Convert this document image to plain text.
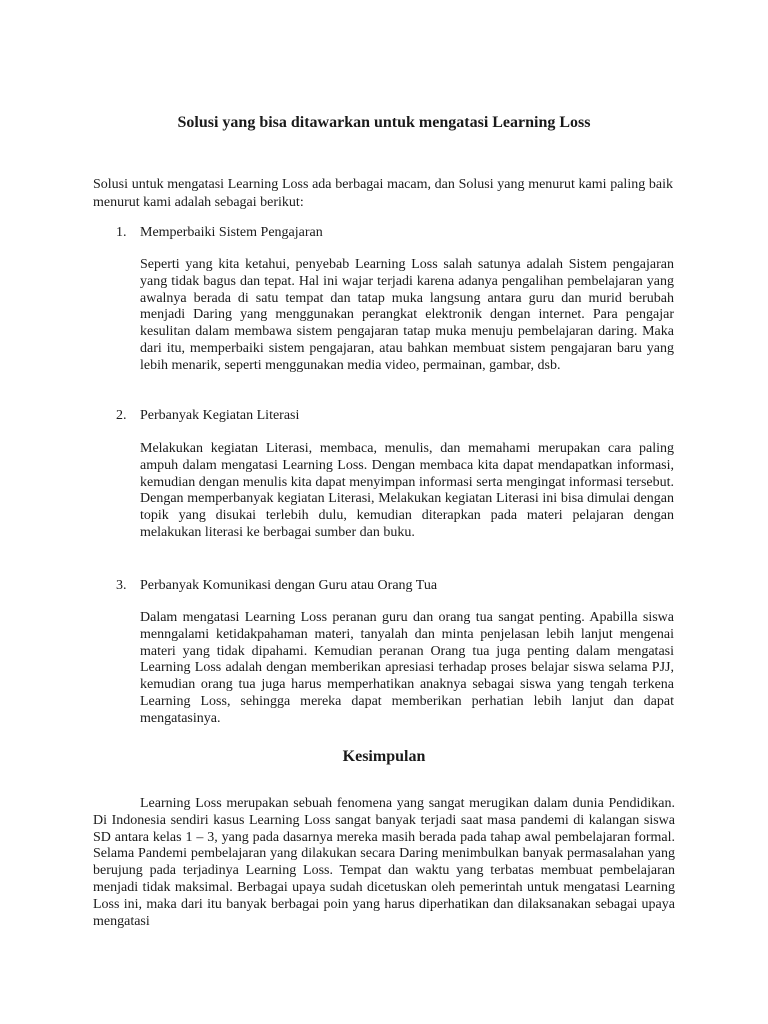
Solusi yang bisa ditawarkan untuk mengatasi Learning Loss

Solusi untuk mengatasi Learning Loss ada berbagai macam, dan Solusi yang menurut kami paling baik menurut kami adalah sebagai berikut:

1. Memperbaiki Sistem Pengajaran

Seperti yang kita ketahui, penyebab Learning Loss salah satunya adalah Sistem pengajaran yang tidak bagus dan tepat. Hal ini wajar terjadi karena adanya pengalihan pembelajaran yang awalnya berada di satu tempat dan tatap muka langsung antara guru dan murid berubah menjadi Daring yang menggunakan perangkat elektronik dengan internet. Para pengajar kesulitan dalam membawa sistem pengajaran tatap muka menuju pembelajaran daring. Maka dari itu, memperbaiki sistem pengajaran, atau bahkan membuat sistem pengajaran baru yang lebih menarik, seperti menggunakan media video, permainan, gambar, dsb.

2. Perbanyak Kegiatan Literasi

Melakukan kegiatan Literasi, membaca, menulis, dan memahami merupakan cara paling ampuh dalam mengatasi Learning Loss. Dengan membaca kita dapat mendapatkan informasi, kemudian dengan menulis kita dapat menyimpan informasi serta mengingat informasi tersebut. Dengan memperbanyak kegiatan Literasi, Melakukan kegiatan Literasi ini bisa dimulai dengan topik yang disukai terlebih dulu, kemudian diterapkan pada materi pelajaran dengan melakukan literasi ke berbagai sumber dan buku.

3. Perbanyak Komunikasi dengan Guru atau Orang Tua

Dalam mengatasi Learning Loss peranan guru dan orang tua sangat penting. Apabilla siswa menngalami ketidakpahaman materi, tanyalah dan minta penjelasan lebih lanjut mengenai materi yang tidak dipahami. Kemudian peranan Orang tua juga penting dalam mengatasi Learning Loss adalah dengan memberikan apresiasi terhadap proses belajar siswa selama PJJ, kemudian orang tua juga harus memperhatikan anaknya sebagai siswa yang tengah terkena Learning Loss, sehingga mereka dapat memberikan perhatian lebih lanjut dan dapat mengatasinya.

Kesimpulan

Learning Loss merupakan sebuah fenomena yang sangat merugikan dalam dunia Pendidikan. Di Indonesia sendiri kasus Learning Loss sangat banyak terjadi saat masa pandemi di kalangan siswa SD antara kelas 1 – 3, yang pada dasarnya mereka masih berada pada tahap awal pembelajaran formal. Selama Pandemi pembelajaran yang dilakukan secara Daring menimbulkan banyak permasalahan yang berujung pada terjadinya Learning Loss. Tempat dan waktu yang terbatas membuat pembelajaran menjadi tidak maksimal. Berbagai upaya sudah dicetuskan oleh pemerintah untuk mengatasi Learning Loss ini, maka dari itu banyak berbagai poin yang harus diperhatikan dan dilaksanakan sebagai upaya mengatasi
